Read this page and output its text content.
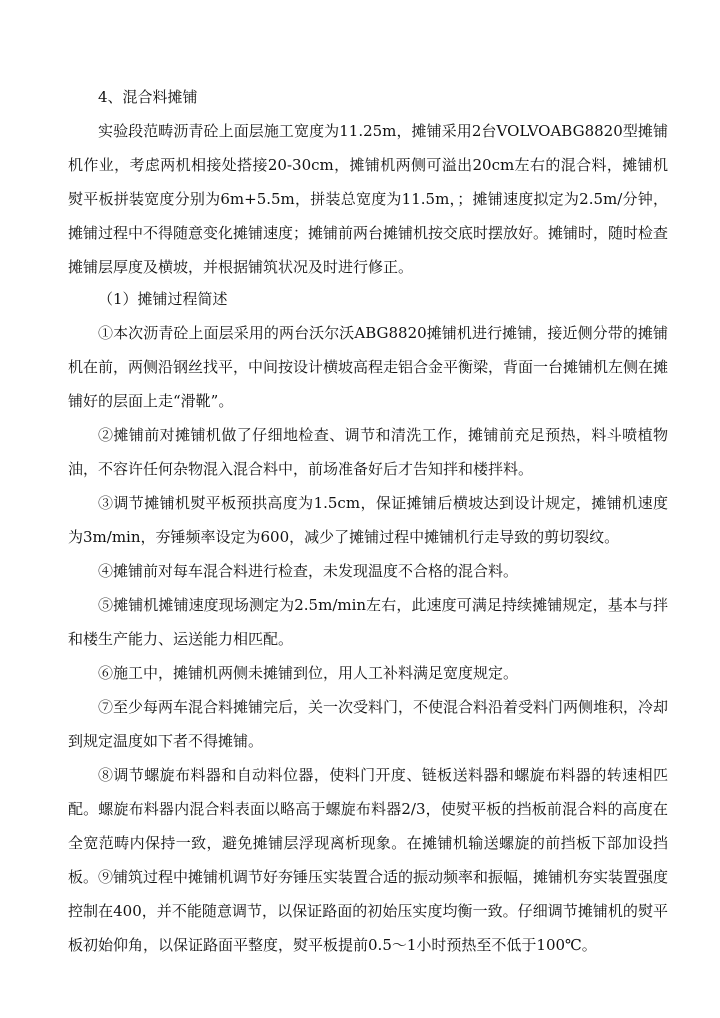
4、混合料摊铺

实验段范畴沥青砼上面层施工宽度为11.25m，摊铺采用2台VOLVOABG8820型摊铺机作业，考虑两机相接处搭接20-30cm，摊铺机两侧可溢出20cm左右的混合料，摊铺机熨平板拼装宽度分别为6m+5.5m，拼装总宽度为11.5m，；摊铺速度拟定为2.5m/分钟，摊铺过程中不得随意变化摊铺速度；摊铺前两台摊铺机按交底时摆放好。摊铺时，随时检查摊铺层厚度及横坡，并根据铺筑状况及时进行修正。

（1）摊铺过程简述

①本次沥青砼上面层采用的两台沃尔沃ABG8820摊铺机进行摊铺，接近侧分带的摊铺机在前，两侧沿钢丝找平，中间按设计横坡高程走铝合金平衡梁，背面一台摊铺机左侧在摊铺好的层面上走“滑靴”。

②摊铺前对摊铺机做了仔细地检查、调节和清洗工作，摊铺前充足预热，料斗喷植物油，不容许任何杂物混入混合料中，前场准备好后才告知拌和楼拌料。

③调节摊铺机熨平板预拱高度为1.5cm，保证摊铺后横坡达到设计规定，摊铺机速度为3m/min，夯锤频率设定为600，减少了摊铺过程中摊铺机行走导致的剪切裂纹。

④摊铺前对每车混合料进行检查，未发现温度不合格的混合料。

⑤摊铺机摊铺速度现场测定为2.5m/min左右，此速度可满足持续摊铺规定，基本与拌和楼生产能力、运送能力相匹配。

⑥施工中，摊铺机两侧未摊铺到位，用人工补料满足宽度规定。

⑦至少每两车混合料摊铺完后，关一次受料门，不使混合料沿着受料门两侧堆积，冷却到规定温度如下者不得摊铺。

⑧调节螺旋布料器和自动料位器，使料门开度、链板送料器和螺旋布料器的转速相匹配。螺旋布料器内混合料表面以略高于螺旋布料器2/3，使熨平板的挡板前混合料的高度在全宽范畴内保持一致，避免摊铺层浮现离析现象。在摊铺机输送螺旋的前挡板下部加设挡板。 ⑨铺筑过程中摊铺机调节好夯锤压实装置合适的振动频率和振幅，摊铺机夯实装置强度控制在400，并不能随意调节，以保证路面的初始压实度均衡一致。仔细调节摊铺机的熨平板初始仰角，以保证路面平整度，熨平板提前0.5～1小时预热至不低于100℃。
